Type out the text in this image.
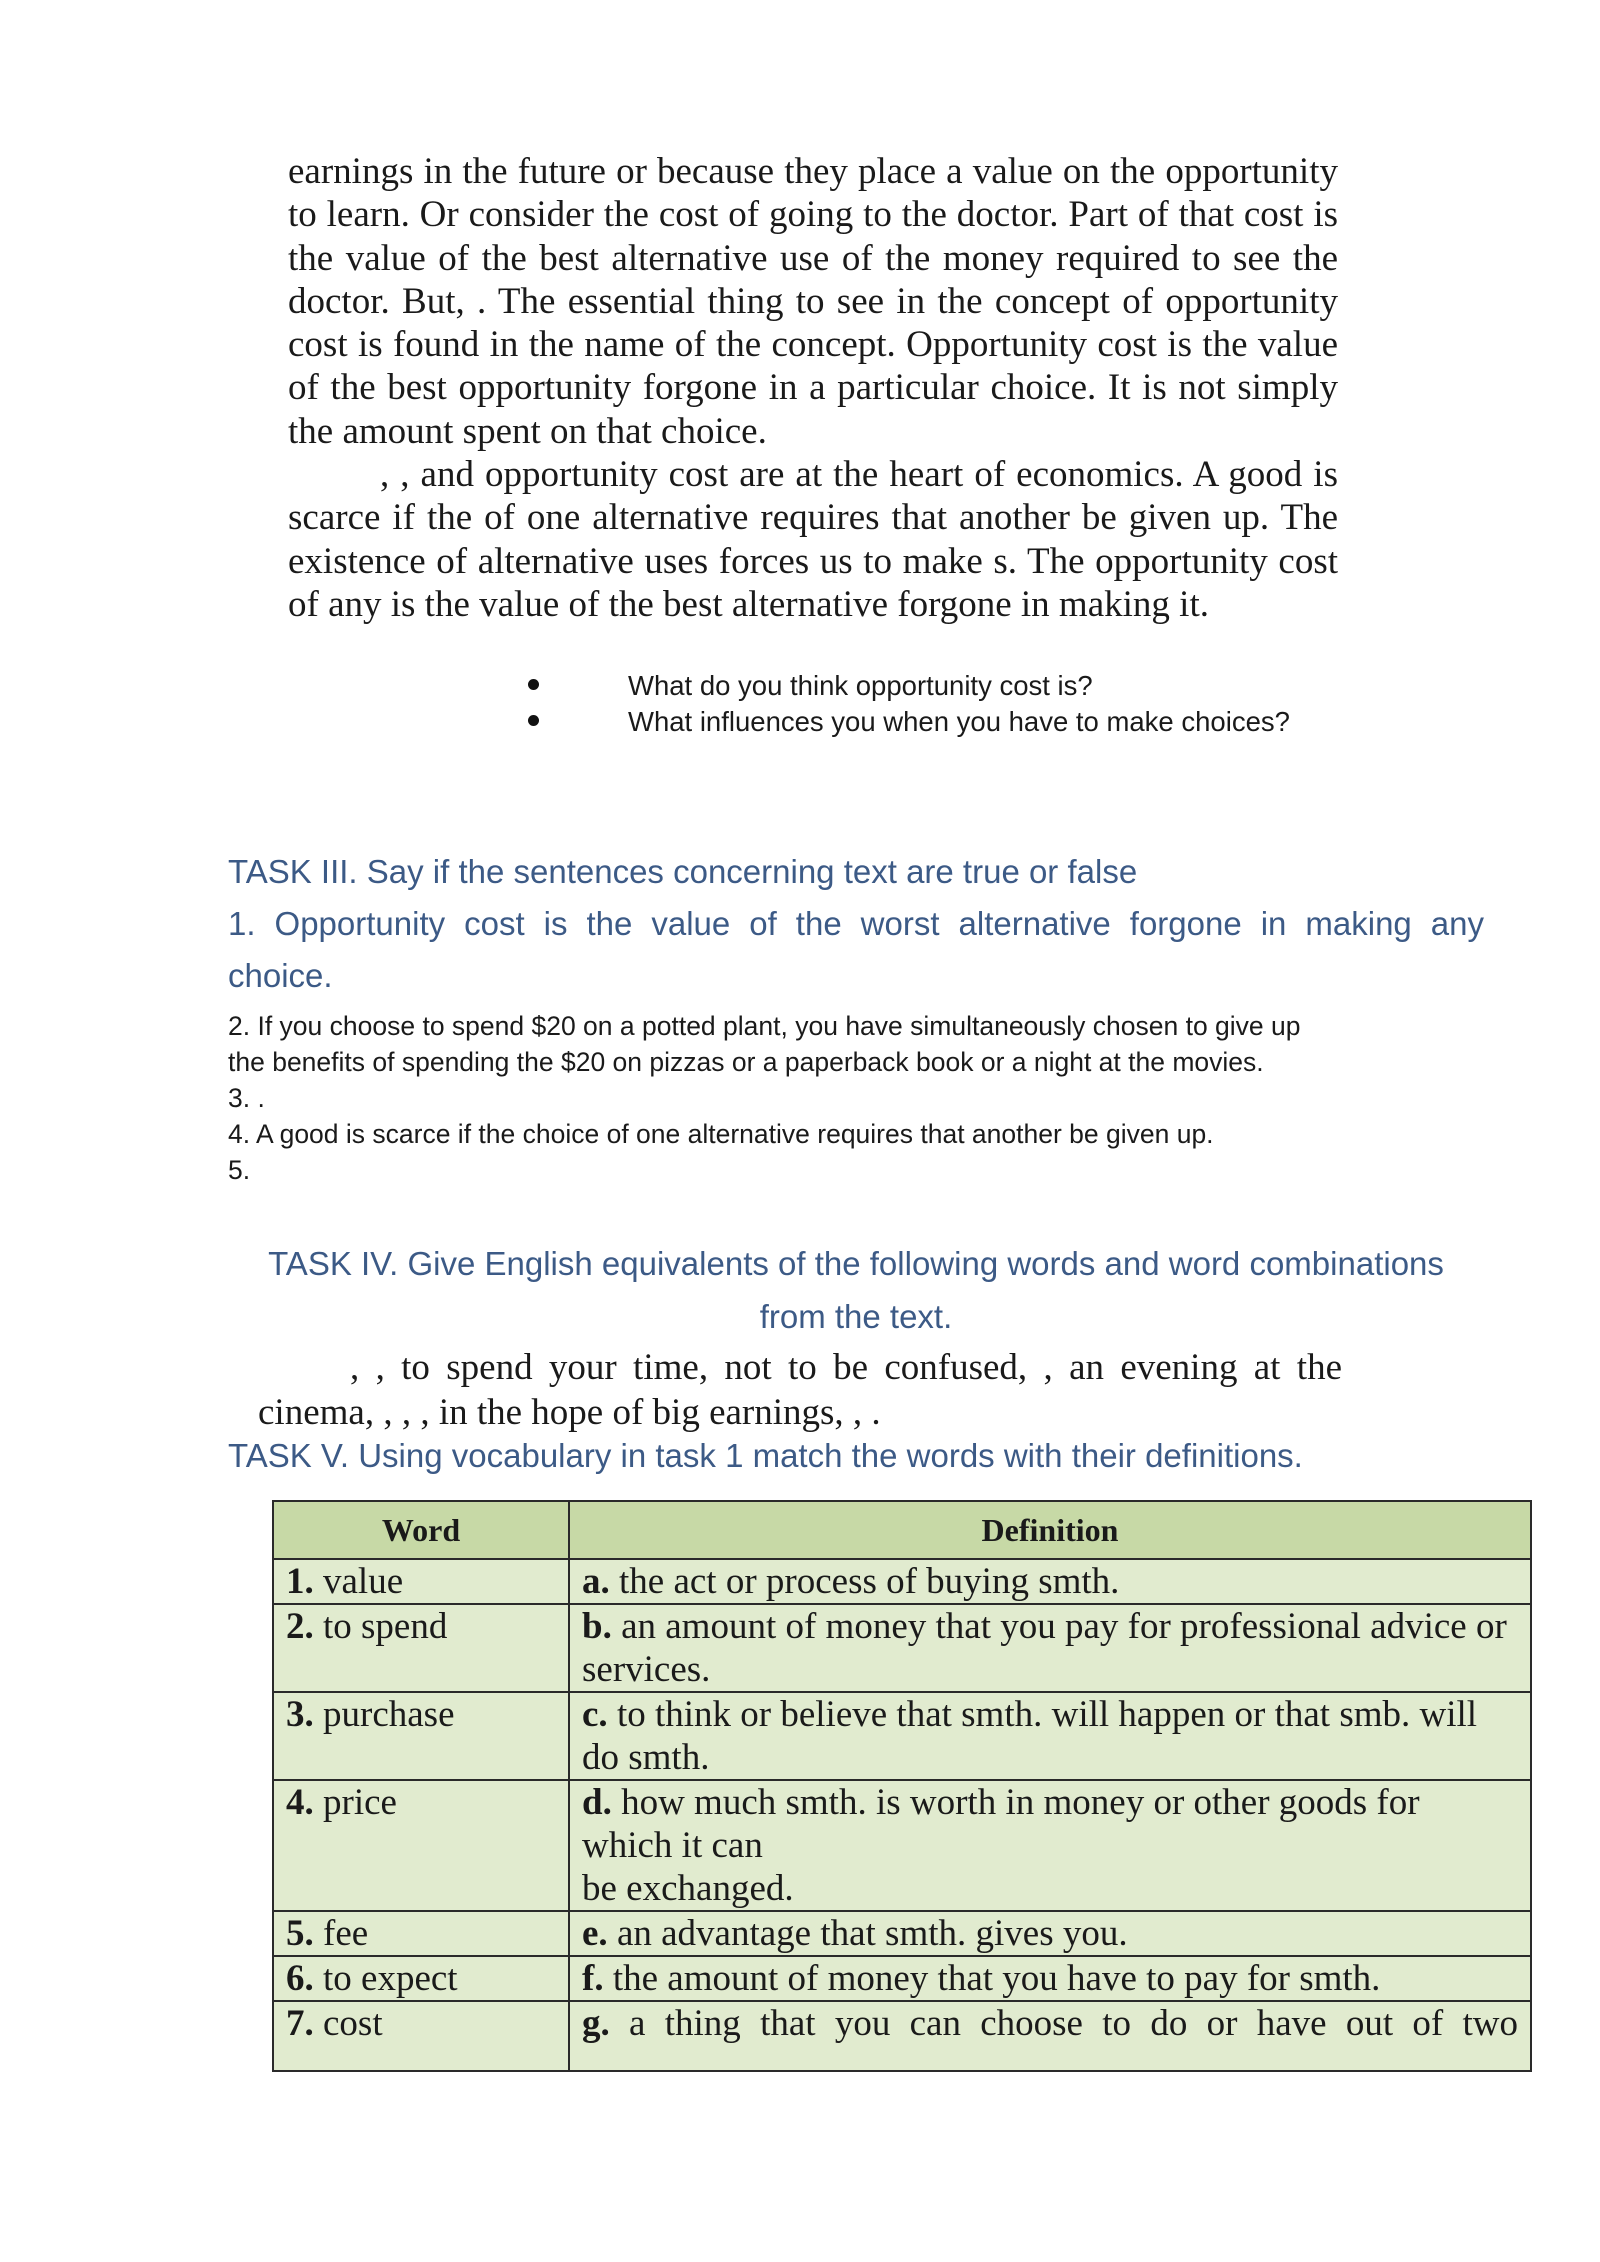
earnings in the future or because they place a value on the opportunity
to learn. Or consider the cost of going to the doctor. Part of that cost is
the value of the best alternative use of the money required to see the
doctor. But, . The essential thing to see in the concept of opportunity
cost is found in the name of the concept. Opportunity cost is the value
of the best opportunity forgone in a particular choice. It is not simply
the amount spent on that choice.
, , and opportunity cost are at the heart of economics. A good is
scarce if the of one alternative requires that another be given up. The
existence of alternative uses forces us to make s. The opportunity cost
of any is the value of the best alternative forgone in making it.
What do you think opportunity cost is?
What influences you when you have to make choices?

TASK III. Say if the sentences concerning text are true or false

1. Opportunity cost is the value of the worst alternative forgone in making any

choice.

2. If you choose to spend $20 on a potted plant, you have simultaneously chosen to give up

the benefits of spending the $20 on pizzas or a paperback book or a night at the movies.

3. .

4. A good is scarce if the choice of one alternative requires that another be given up.

5.

TASK IV. Give English equivalents of the following words and word combinations

from the text.

, , to spend your time, not to be confused, , an evening at the

cinema, , , , in the hope of big earnings, , .

TASK V. Using vocabulary in task 1 match the words with their definitions.

Word	Definition
1. value	a. the act or process of buying smth.
2. to spend	b. an amount of money that you pay for professional advice or
services.
3. purchase	c. to think or believe that smth. will happen or that smb. will
do smth.
4. price	d. how much smth. is worth in money or other goods for
which it can
be exchanged.
5. fee	e. an advantage that smth. gives you.
6. to expect	f. the amount of money that you have to pay for smth.
7. cost	g. a thing that you can choose to do or have out of two
